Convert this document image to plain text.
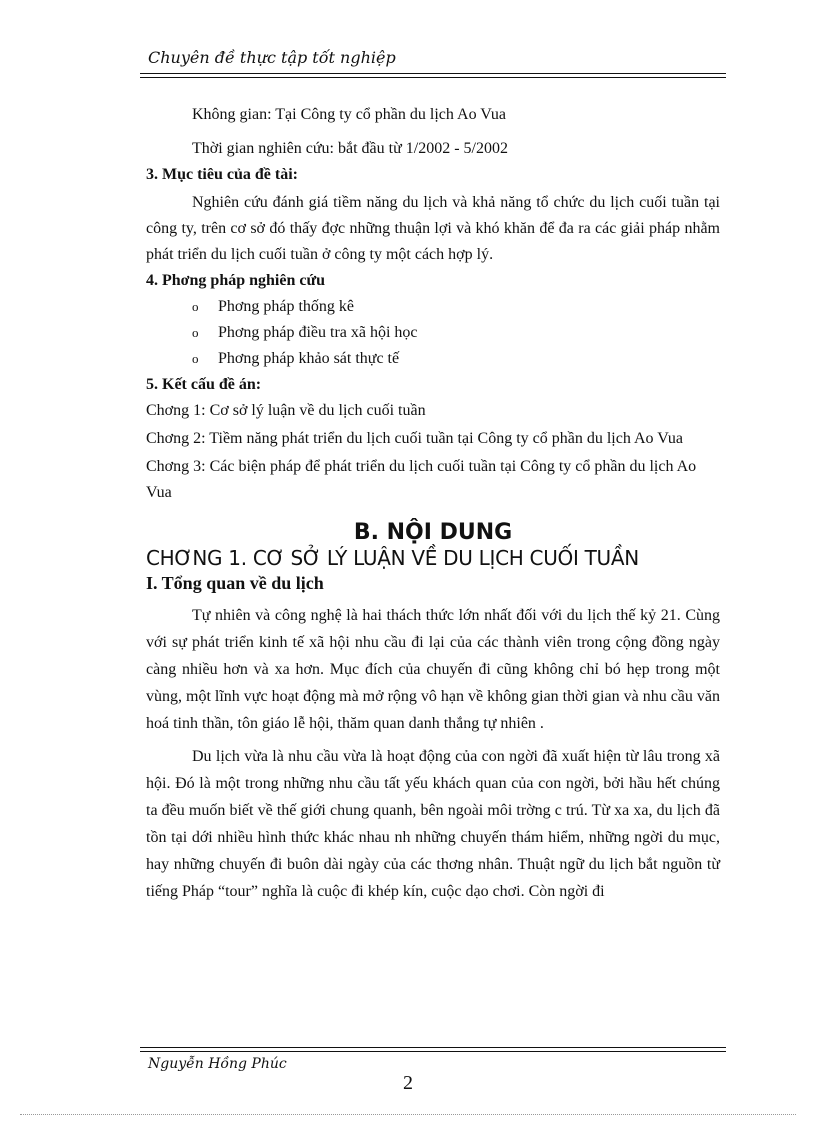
Chuyên đề thực tập tốt nghiệp

Không gian: Tại Công ty cổ phần du lịch Ao Vua

Thời gian nghiên cứu: bắt đầu từ 1/2002 - 5/2002

3. Mục tiêu của đề tài:

Nghiên cứu đánh giá tiềm năng du lịch và khả năng tổ chức du lịch cuối tuần tại công ty, trên cơ sở đó thấy đợc những thuận lợi và khó khăn để đa ra các giải pháp nhằm phát triển du lịch cuối tuần ở công ty một cách hợp lý.

4. Phơng pháp nghiên cứu

o Phơng pháp thống kê

o Phơng pháp điều tra xã hội học

o Phơng pháp khảo sát thực tế

5. Kết cấu đề án:

Chơng 1: Cơ sở lý luận về du lịch cuối tuần

Chơng 2: Tiềm năng phát triển du lịch cuối tuần tại Công ty cổ phần du lịch Ao Vua

Chơng 3: Các biện pháp để phát triển du lịch cuối tuần tại Công ty cổ phần du lịch Ao Vua

B. NỘI DUNG
CHƠNG 1. CƠ SỞ LÝ LUẬN VỀ DU LỊCH CUỐI TUẦN
I. Tổng quan về du lịch

Tự nhiên và công nghệ là hai thách thức lớn nhất đối với du lịch thế kỷ 21. Cùng với sự phát triển kinh tế xã hội nhu cầu đi lại của các thành viên trong cộng đồng ngày càng nhiều hơn và xa hơn. Mục đích của chuyến đi cũng không chỉ bó hẹp trong một vùng, một lĩnh vực hoạt động mà mở rộng vô hạn về không gian thời gian và nhu cầu văn hoá tinh thần, tôn giáo lễ hội, thăm quan danh thắng tự nhiên .

Du lịch vừa là nhu cầu vừa là hoạt động của con ngời đã xuất hiện từ lâu trong xã hội. Đó là một trong những nhu cầu tất yếu khách quan của con ngời, bởi hầu hết chúng ta đều muốn biết về thế giới chung quanh, bên ngoài môi trờng c trú. Từ xa xa, du lịch đã tồn tại dới nhiều hình thức khác nhau nh những chuyến thám hiểm, những ngời du mục, hay những chuyến đi buôn dài ngày của các thơng nhân. Thuật ngữ du lịch bắt nguồn từ tiếng Pháp “tour” nghĩa là cuộc đi khép kín, cuộc dạo chơi. Còn ngời đi

Nguyễn Hồng Phúc
2
